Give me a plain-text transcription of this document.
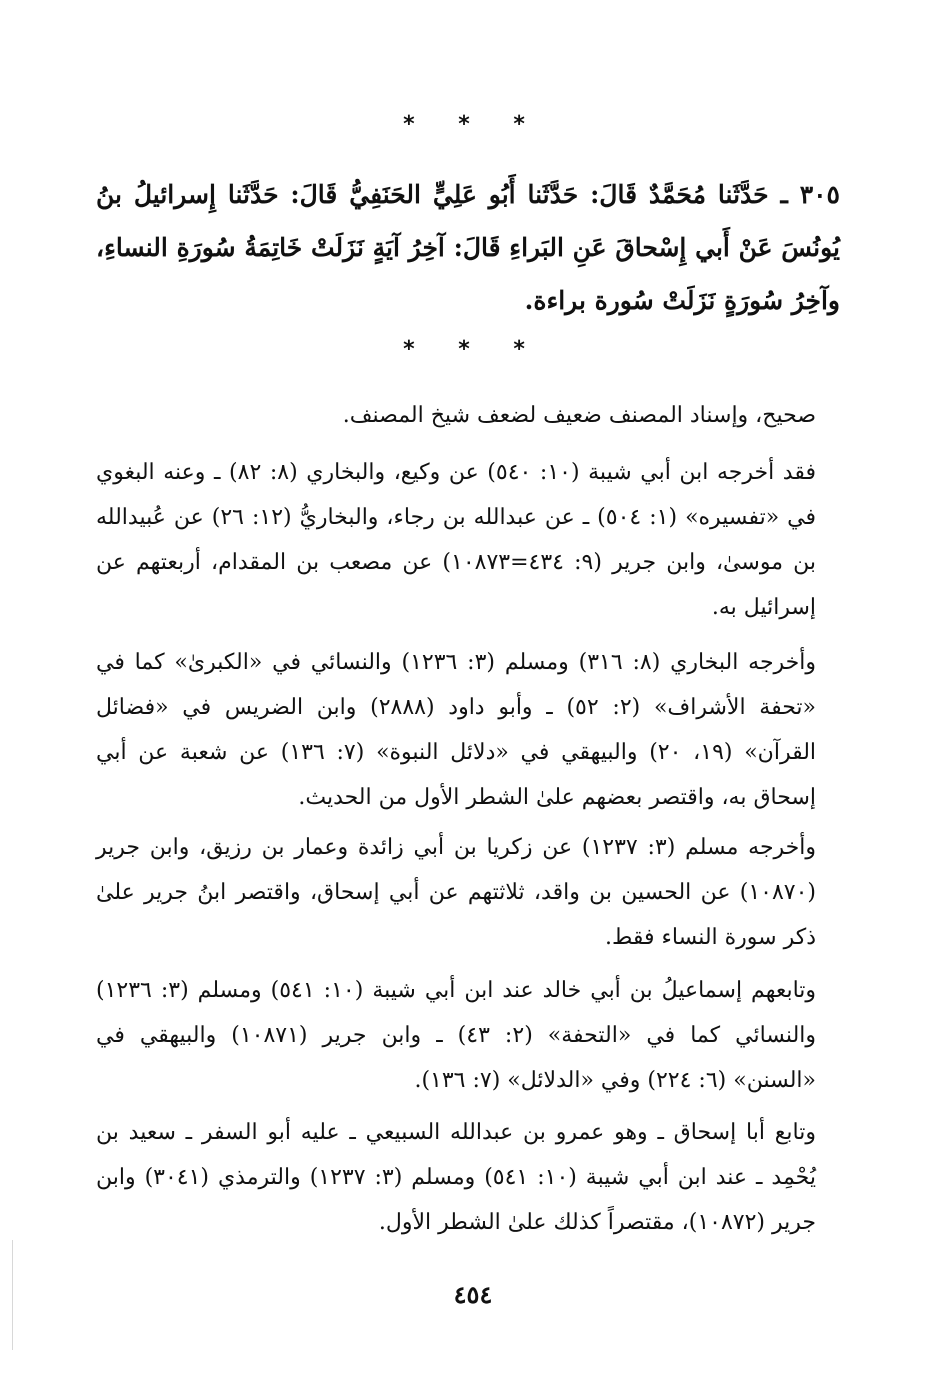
* * *
٣٠٥ ـ حَدَّثَنا مُحَمَّدٌ قَالَ: حَدَّثَنا أَبُو عَلِيٍّ الحَنَفِيُّ قَالَ: حَدَّثَنا إِسرائيلُ بنُ يُونُسَ عَنْ أَبي إِسْحاقَ عَنِ البَراءِ قَالَ: آخِرُ آيَةٍ نَزَلَتْ خَاتِمَةُ سُورَةِ النساءِ، وآخِرُ سُورَةٍ نَزَلَتْ سُورة براءة.
* * *
صحيح، وإسناد المصنف ضعيف لضعف شيخ المصنف.
فقد أخرجه ابن أبي شيبة (١٠: ٥٤٠) عن وكيع، والبخاري (٨: ٨٢) ـ وعنه البغوي في «تفسيره» (١: ٥٠٤) ـ عن عبدالله بن رجاء، والبخاريُّ (١٢: ٢٦) عن عُبيدالله بن موسىٰ، وابن جرير (٩: ٤٣٤=١٠٨٧٣) عن مصعب بن المقدام، أربعتهم عن إسرائيل به.
وأخرجه البخاري (٨: ٣١٦) ومسلم (٣: ١٢٣٦) والنسائي في «الكبرىٰ» كما في «تحفة الأشراف» (٢: ٥٢) ـ وأبو داود (٢٨٨٨) وابن الضريس في «فضائل القرآن» (١٩، ٢٠) والبيهقي في «دلائل النبوة» (٧: ١٣٦) عن شعبة عن أبي إسحاق به، واقتصر بعضهم علىٰ الشطر الأول من الحديث.
وأخرجه مسلم (٣: ١٢٣٧) عن زكريا بن أبي زائدة وعمار بن رزيق، وابن جرير (١٠٨٧٠) عن الحسين بن واقد، ثلاثتهم عن أبي إسحاق، واقتصر ابنُ جرير علىٰ ذكر سورة النساء فقط.
وتابعهم إسماعيلُ بن أبي خالد عند ابن أبي شيبة (١٠: ٥٤١) ومسلم (٣: ١٢٣٦) والنسائي كما في «التحفة» (٢: ٤٣) ـ وابن جرير (١٠٨٧١) والبيهقي في «السنن» (٦: ٢٢٤) وفي «الدلائل» (٧: ١٣٦).
وتابع أبا إسحاق ـ وهو عمرو بن عبدالله السبيعي ـ عليه أبو السفر ـ سعيد بن يُحْمِد ـ عند ابن أبي شيبة (١٠: ٥٤١) ومسلم (٣: ١٢٣٧) والترمذي (٣٠٤١) وابن جرير (١٠٨٧٢)، مقتصراً كذلك علىٰ الشطر الأول.
٤٥٤
